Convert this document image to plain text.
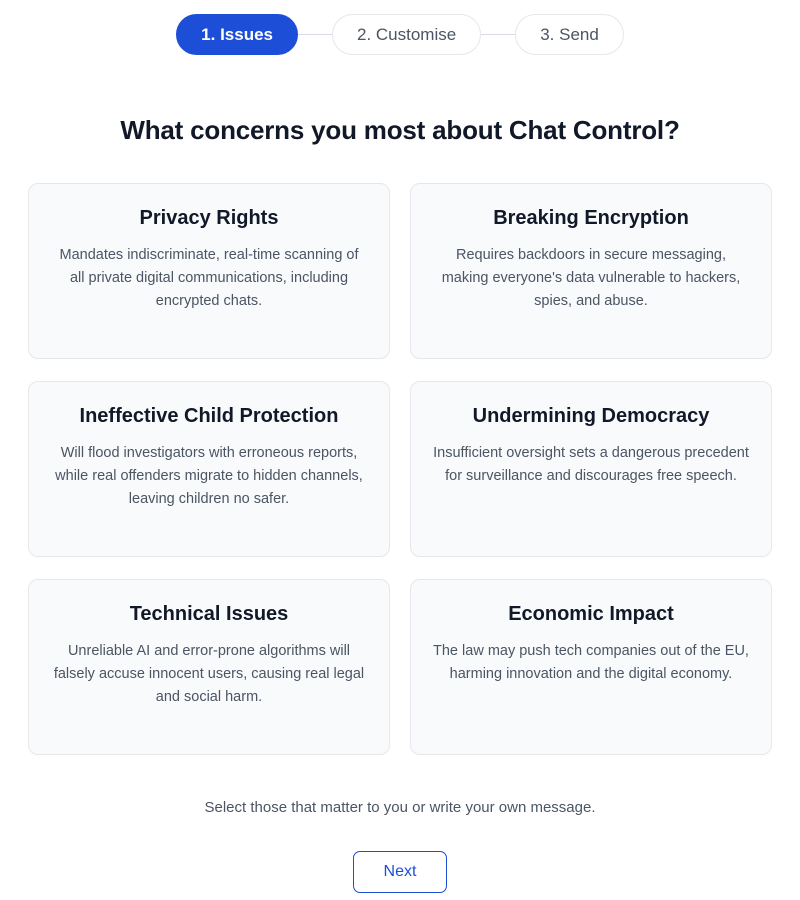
1. Issues	2. Customise	3. Send
What concerns you most about Chat Control?
Privacy Rights
Mandates indiscriminate, real-time scanning of all private digital communications, including encrypted chats.
Breaking Encryption
Requires backdoors in secure messaging, making everyone's data vulnerable to hackers, spies, and abuse.
Ineffective Child Protection
Will flood investigators with erroneous reports, while real offenders migrate to hidden channels, leaving children no safer.
Undermining Democracy
Insufficient oversight sets a dangerous precedent for surveillance and discourages free speech.
Technical Issues
Unreliable AI and error-prone algorithms will falsely accuse innocent users, causing real legal and social harm.
Economic Impact
The law may push tech companies out of the EU, harming innovation and the digital economy.
Select those that matter to you or write your own message.
Next
